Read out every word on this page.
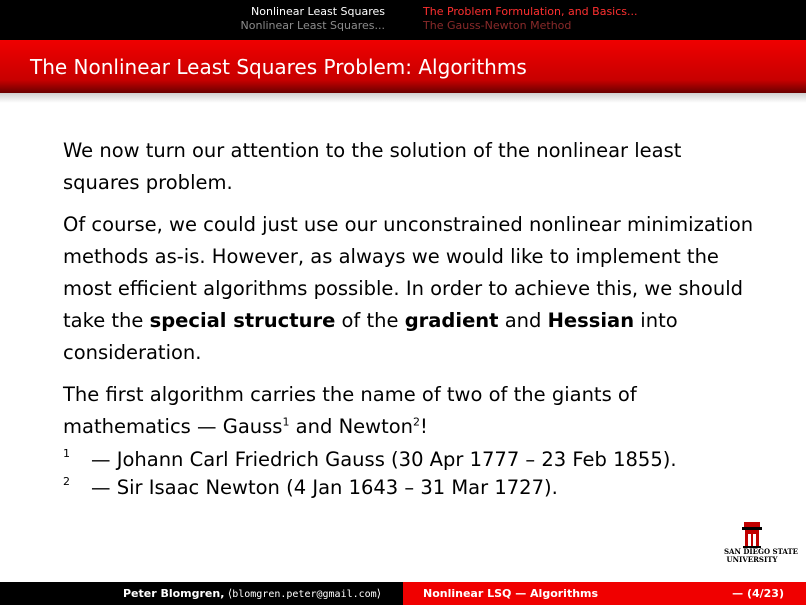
Nonlinear Least Squares
Nonlinear Least Squares...
The Problem Formulation, and Basics...
The Gauss-Newton Method
The Nonlinear Least Squares Problem: Algorithms

We now turn our attention to the solution of the nonlinear least squares problem.

Of course, we could just use our unconstrained nonlinear minimization methods as-is. However, as always we would like to implement the most efficient algorithms possible. In order to achieve this, we should take the special structure of the gradient and Hessian into consideration.

The first algorithm carries the name of two of the giants of mathematics — Gauss$^1$ and Newton$^2$!

1 — Johann Carl Friedrich Gauss (30 Apr 1777 – 23 Feb 1855).
2 — Sir Isaac Newton (4 Jan 1643 – 31 Mar 1727).
SAN DIEGO STATE
UNIVERSITY
Peter Blomgren, ⟨blomgren.peter@gmail.com⟩	Nonlinear LSQ — Algorithms	— (4/23)
